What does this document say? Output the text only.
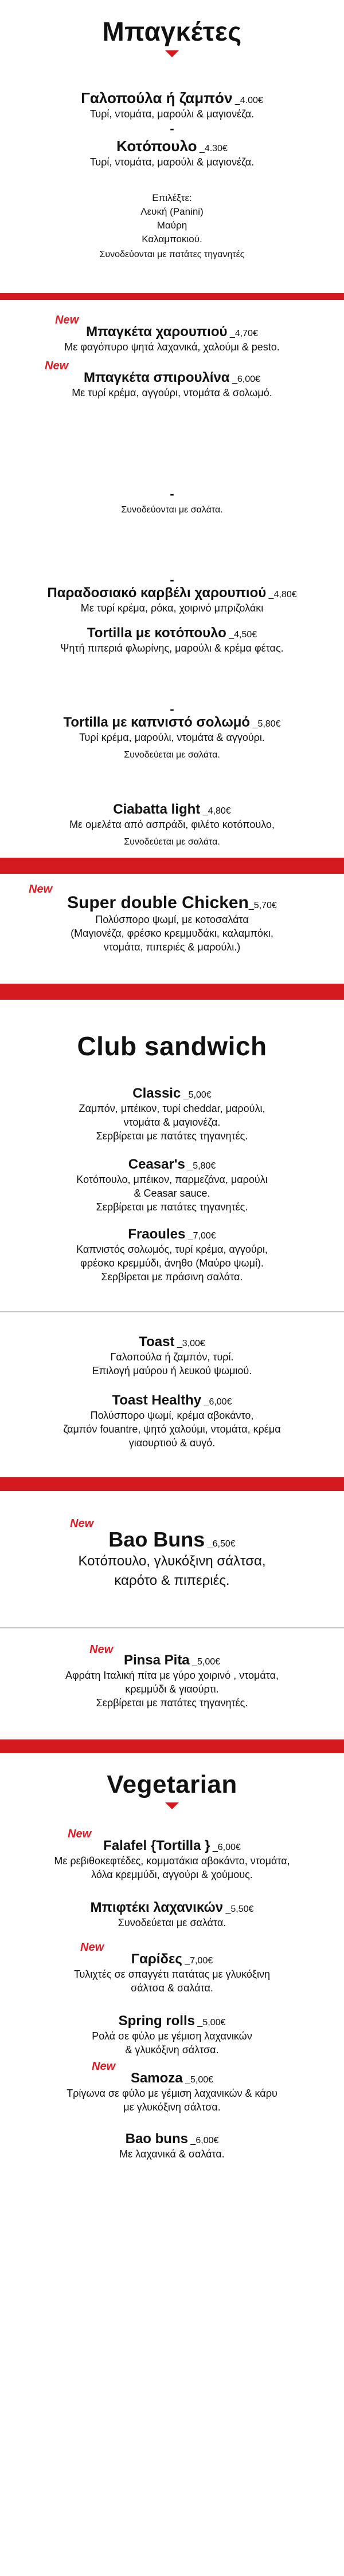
Μπαγκέτες
Γαλοπούλα ή ζαμπόν _4.00€
Τυρί, ντομάτα, μαρούλι & μαγιονέζα.
-
Κοτόπουλο _4.30€
Τυρί, ντομάτα, μαρούλι & μαγιονέζα.
Επιλέξτε:
Λευκή (Panini)
Μαύρη
Καλαμποκιού.
Συνοδεύονται με πατάτες τηγανητές
New
Μπαγκέτα χαρουπιού _4,70€
Με φαγόπυρο ψητά λαχανικά, χαλούμι & pesto.
New
Μπαγκέτα σπιρουλίνα _6,00€
Με τυρί κρέμα, αγγούρι, ντομάτα & σολωμό.
-
Συνοδεύονται με σαλάτα.
-
Παραδοσιακό καρβέλι χαρουπιού _4,80€
Με τυρί κρέμα, ρόκα, χοιρινό μπριζολάκι
Tortilla με κοτόπουλο _4,50€
Ψητή πιπεριά φλωρίνης, μαρούλι & κρέμα φέτας.
-
Tortilla με καπνιστό σολωμό _5,80€
Τυρί κρέμα, μαρούλι, ντομάτα & αγγούρι.
Συνοδεύεται με σαλάτα.
Ciabatta light _4,80€
Με ομελέτα από ασπράδι, φιλέτο κοτόπουλο,
Συνοδεύεται με σαλάτα.
New
Super double Chicken_5,70€
Πολύσπορο ψωμί, με κοτοσαλάτα
(Μαγιονέζα, φρέσκο κρεμμυδάκι, καλαμπόκι,
ντομάτα, πιπεριές & μαρούλι.)
Club sandwich
Classic _5,00€
Ζαμπόν, μπέικον, τυρί cheddar, μαρούλι,
ντομάτα & μαγιονέζα.
Σερβίρεται με πατάτες τηγανητές.
Ceasar's _5,80€
Κοτόπουλο, μπέικον, παρμεζάνα, μαρούλι
& Ceasar sauce.
Σερβίρεται με πατάτες τηγανητές.
Fraoules _7,00€
Καπνιστός σολωμός, τυρί κρέμα, αγγούρι,
φρέσκο κρεμμύδι, άνηθο (Μαύρο ψωμί).
Σερβίρεται με πράσινη σαλάτα.
Toast _3,00€
Γαλοπούλα ή ζαμπόν, τυρί.
Επιλογή μαύρου ή λευκού ψωμιού.
Toast Healthy _6,00€
Πολύσπορο ψωμί, κρέμα αβοκάντο,
ζαμπόν fouantre, ψητό χαλούμι, ντομάτα, κρέμα
γιαουρτιού & αυγό.
New
Bao Buns _6,50€
Κοτόπουλο, γλυκόξινη σάλτσα,
καρότο & πιπεριές.
New
Pinsa Pita _5,00€
Αφράτη Ιταλική πίτα με γύρο χοιρινό , ντομάτα,
κρεμμύδι & γιαούρτι.
Σερβίρεται με πατάτες τηγανητές.
Vegetarian
New
Falafel {Tortilla } _6,00€
Με ρεβιθοκεφτέδες, κομματάκια αβοκάντο, ντομάτα,
λόλα κρεμμύδι, αγγούρι & χούμους.
Μπιφτέκι λαχανικών _5,50€
Συνοδεύεται με σαλάτα.
New
Γαρίδες _7,00€
Τυλιχτές σε σπαγγέτι πατάτας με γλυκόξινη
σάλτσα & σαλάτα.
Spring rolls _5,00€
Ρολά σε φύλο με γέμιση λαχανικών
& γλυκόξινη σάλτσα.
New
Samoza _5,00€
Τρίγωνα σε φύλο με γέμιση λαχανικών & κάρυ
με γλυκόξινη σάλτσα.
Bao buns _6,00€
Με λαχανικά & σαλάτα.
